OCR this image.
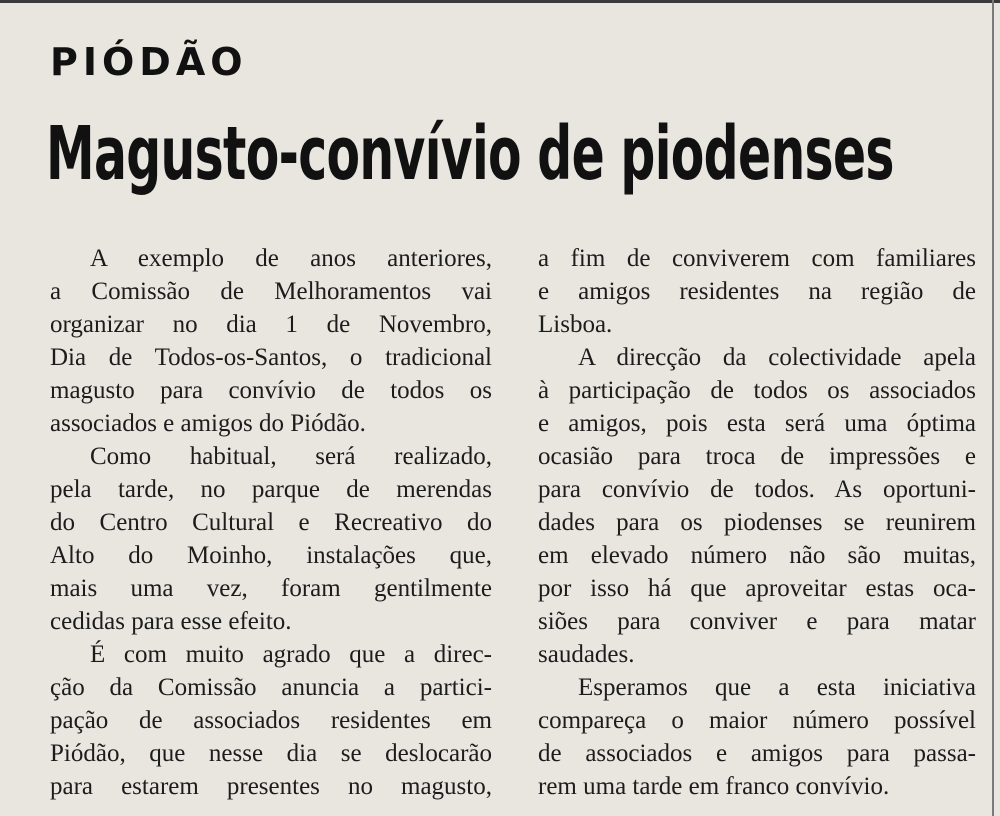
PIÓDÃO
Magusto-convívio de piodenses
A exemplo de anos anteriores,
a Comissão de Melhoramentos vai
organizar no dia 1 de Novembro,
Dia de Todos-os-Santos, o tradicional
magusto para convívio de todos os
associados e amigos do Piódão.
Como habitual, será realizado,
pela tarde, no parque de merendas
do Centro Cultural e Recreativo do
Alto do Moinho, instalações que,
mais uma vez, foram gentilmente
cedidas para esse efeito.
É com muito agrado que a direc-
ção da Comissão anuncia a partici-
pação de associados residentes em
Piódão, que nesse dia se deslocarão
para estarem presentes no magusto,
a fim de conviverem com familiares
e amigos residentes na região de
Lisboa.
A direcção da colectividade apela
à participação de todos os associados
e amigos, pois esta será uma óptima
ocasião para troca de impressões e
para convívio de todos. As oportuni-
dades para os piodenses se reunirem
em elevado número não são muitas,
por isso há que aproveitar estas oca-
siões para conviver e para matar
saudades.
Esperamos que a esta iniciativa
compareça o maior número possível
de associados e amigos para passa-
rem uma tarde em franco convívio.
